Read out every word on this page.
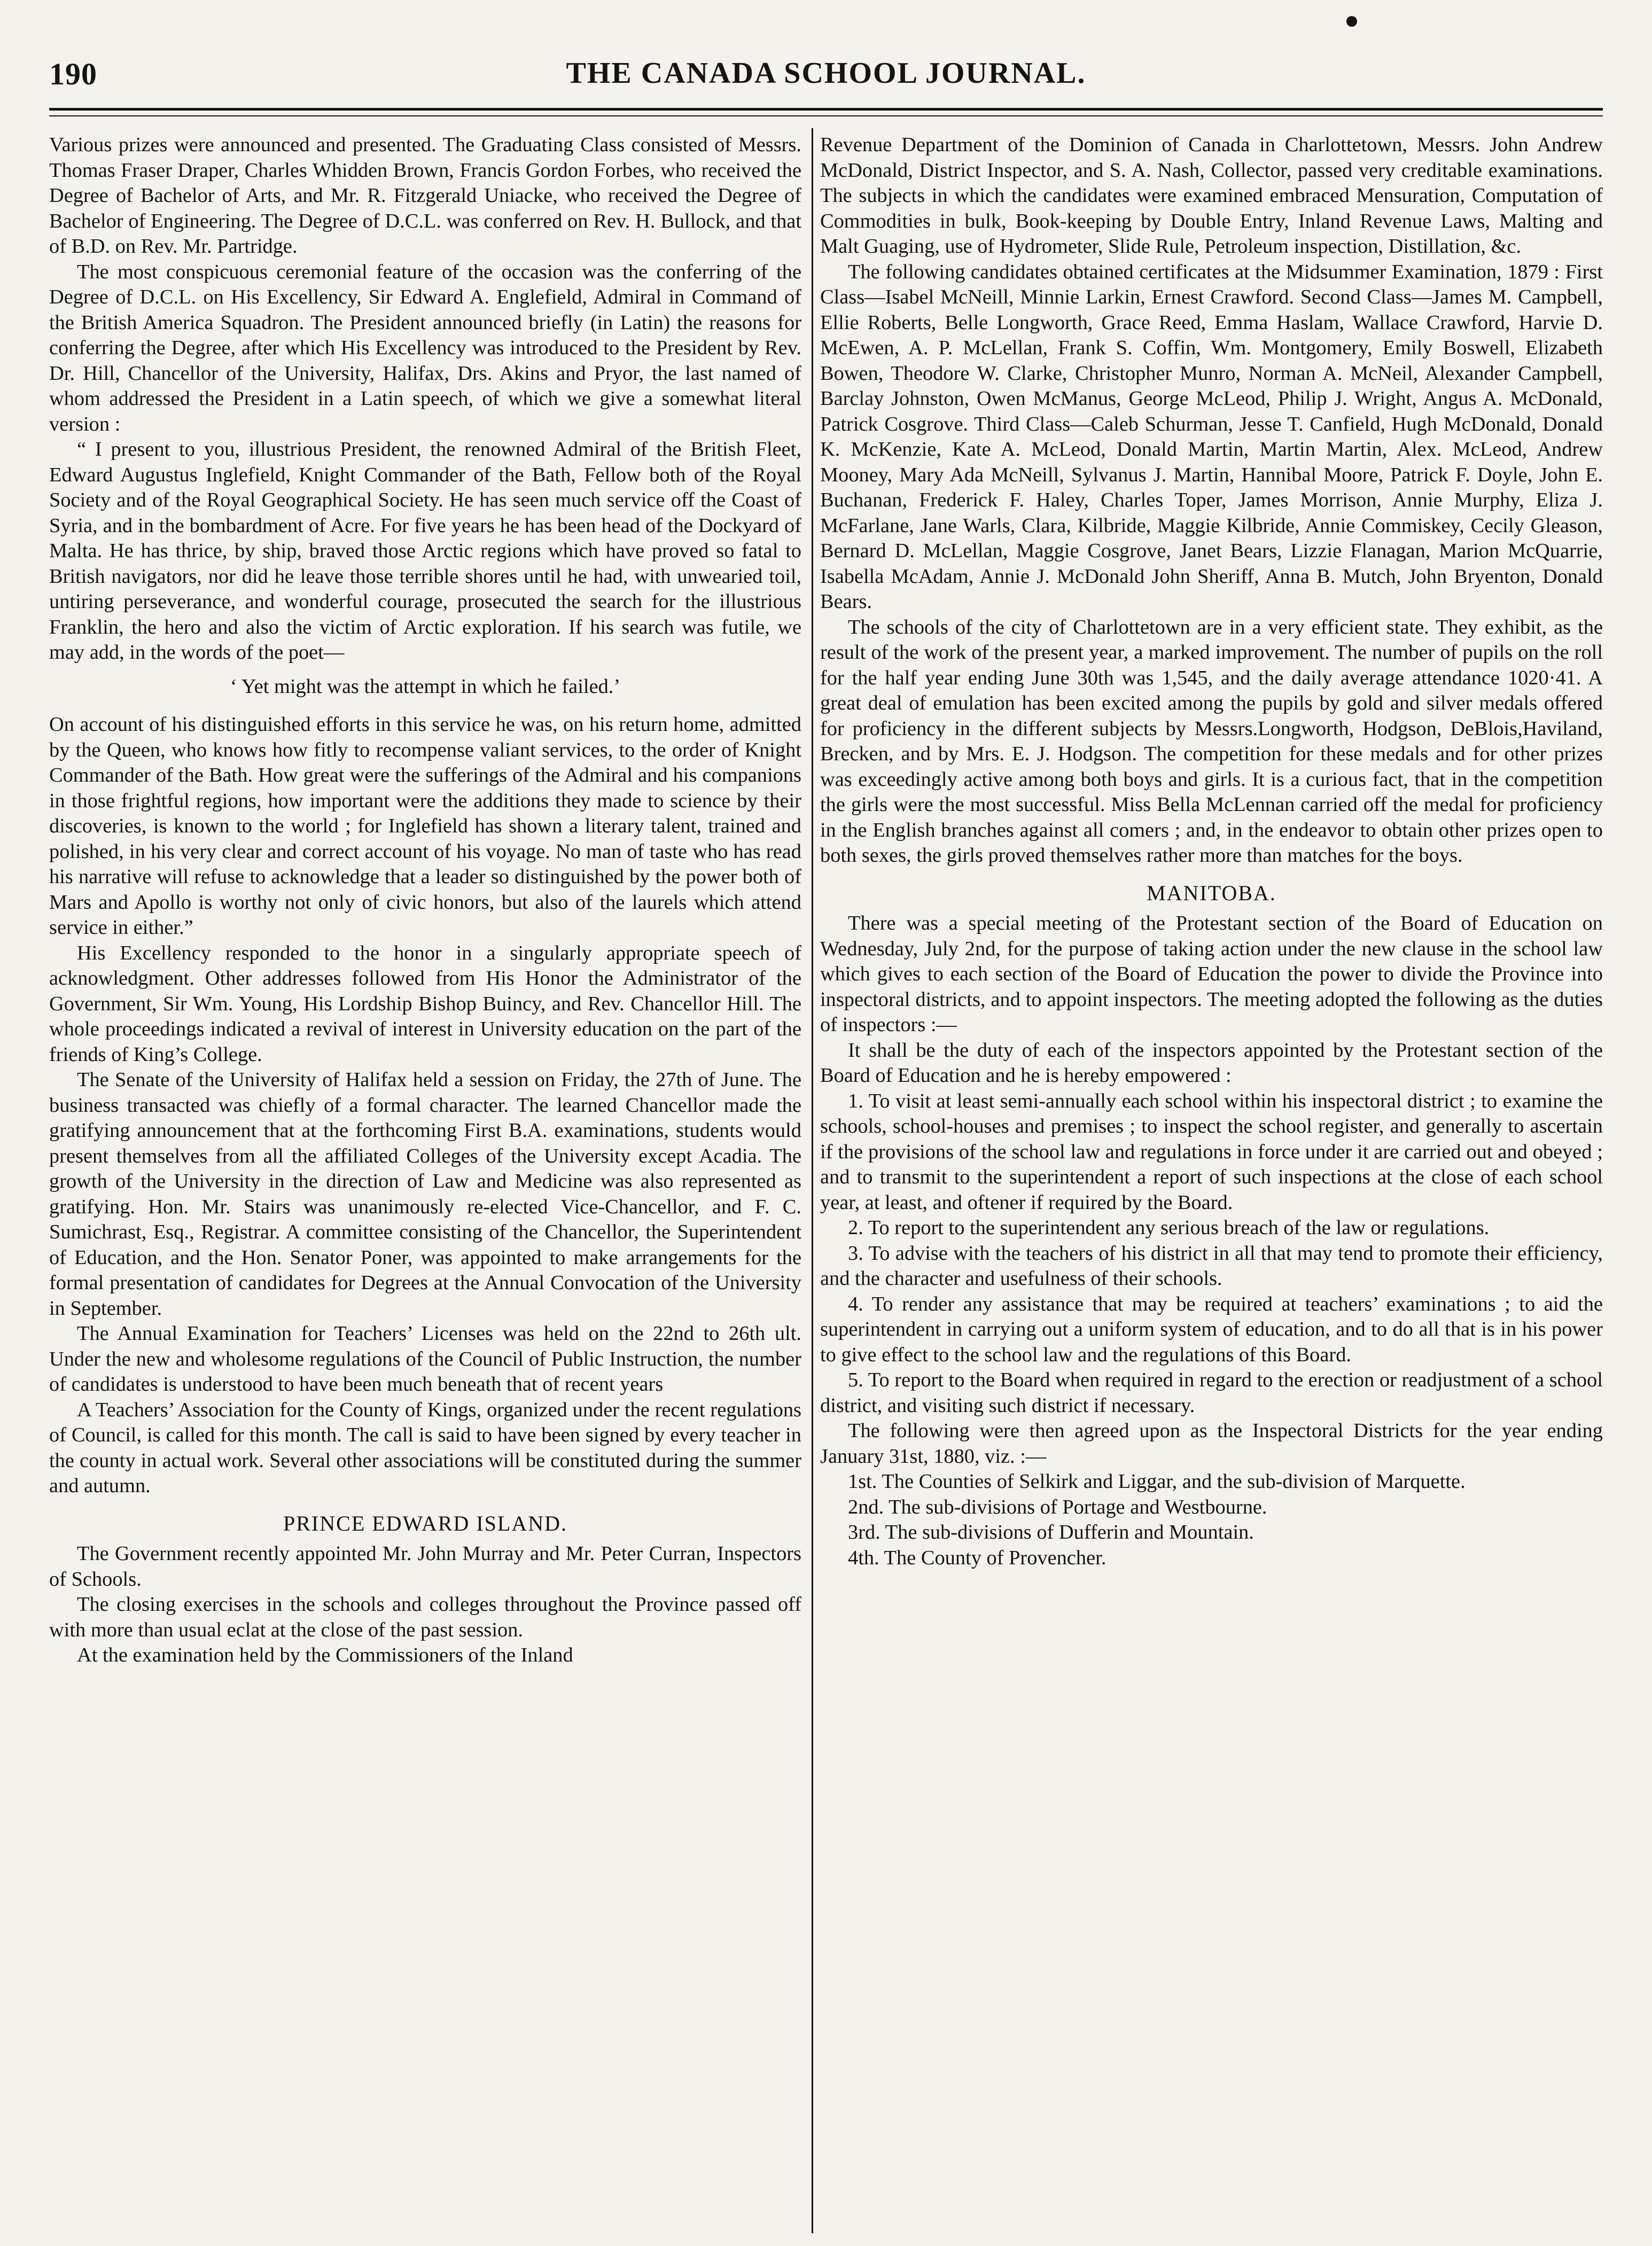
190	THE CANADA SCHOOL JOURNAL.

Various prizes were announced and presented. The Graduating Class consisted of Messrs. Thomas Fraser Draper, Charles Whidden Brown, Francis Gordon Forbes, who received the Degree of Bachelor of Arts, and Mr. R. Fitzgerald Uniacke, who received the Degree of Bachelor of Engineering. The Degree of D.C.L. was conferred on Rev. H. Bullock, and that of B.D. on Rev. Mr. Partridge.

The most conspicuous ceremonial feature of the occasion was the conferring of the Degree of D.C.L. on His Excellency, Sir Edward A. Englefield, Admiral in Command of the British America Squadron. The President announced briefly (in Latin) the reasons for conferring the Degree, after which His Excellency was introduced to the President by Rev. Dr. Hill, Chancellor of the University, Halifax, Drs. Akins and Pryor, the last named of whom addressed the President in a Latin speech, of which we give a somewhat literal version :

“ I present to you, illustrious President, the renowned Admiral of the British Fleet, Edward Augustus Inglefield, Knight Commander of the Bath, Fellow both of the Royal Society and of the Royal Geographical Society. He has seen much service off the Coast of Syria, and in the bombardment of Acre. For five years he has been head of the Dockyard of Malta. He has thrice, by ship, braved those Arctic regions which have proved so fatal to British navigators, nor did he leave those terrible shores until he had, with unwearied toil, untiring perseverance, and wonderful courage, prosecuted the search for the illustrious Franklin, the hero and also the victim of Arctic exploration. If his search was futile, we may add, in the words of the poet—

‘ Yet might was the attempt in which he failed.’

On account of his distinguished efforts in this service he was, on his return home, admitted by the Queen, who knows how fitly to recompense valiant services, to the order of Knight Commander of the Bath. How great were the sufferings of the Admiral and his companions in those frightful regions, how important were the additions they made to science by their discoveries, is known to the world ; for Inglefield has shown a literary talent, trained and polished, in his very clear and correct account of his voyage. No man of taste who has read his narrative will refuse to acknowledge that a leader so distinguished by the power both of Mars and Apollo is worthy not only of civic honors, but also of the laurels which attend service in either.”

His Excellency responded to the honor in a singularly appropriate speech of acknowledgment. Other addresses followed from His Honor the Administrator of the Government, Sir Wm. Young, His Lordship Bishop Buincy, and Rev. Chancellor Hill. The whole proceedings indicated a revival of interest in University education on the part of the friends of King’s College.

The Senate of the University of Halifax held a session on Friday, the 27th of June. The business transacted was chiefly of a formal character. The learned Chancellor made the gratifying announcement that at the forthcoming First B.A. examinations, students would present themselves from all the affiliated Colleges of the University except Acadia. The growth of the University in the direction of Law and Medicine was also represented as gratifying. Hon. Mr. Stairs was unanimously re-elected Vice-Chancellor, and F. C. Sumichrast, Esq., Registrar. A committee consisting of the Chancellor, the Superintendent of Education, and the Hon. Senator Poner, was appointed to make arrangements for the formal presentation of candidates for Degrees at the Annual Convocation of the University in September.

The Annual Examination for Teachers’ Licenses was held on the 22nd to 26th ult. Under the new and wholesome regulations of the Council of Public Instruction, the number of candidates is understood to have been much beneath that of recent years

A Teachers’ Association for the County of Kings, organized under the recent regulations of Council, is called for this month. The call is said to have been signed by every teacher in the county in actual work. Several other associations will be constituted during the summer and autumn.

PRINCE EDWARD ISLAND.

The Government recently appointed Mr. John Murray and Mr. Peter Curran, Inspectors of Schools.

The closing exercises in the schools and colleges throughout the Province passed off with more than usual eclat at the close of the past session.

At the examination held by the Commissioners of the Inland

Revenue Department of the Dominion of Canada in Charlottetown, Messrs. John Andrew McDonald, District Inspector, and S. A. Nash, Collector, passed very creditable examinations. The subjects in which the candidates were examined embraced Mensuration, Computation of Commodities in bulk, Book-keeping by Double Entry, Inland Revenue Laws, Malting and Malt Guaging, use of Hydrometer, Slide Rule, Petroleum inspection, Distillation, &c.

The following candidates obtained certificates at the Midsummer Examination, 1879 : First Class—Isabel McNeill, Minnie Larkin, Ernest Crawford. Second Class—James M. Campbell, Ellie Roberts, Belle Longworth, Grace Reed, Emma Haslam, Wallace Crawford, Harvie D. McEwen, A. P. McLellan, Frank S. Coffin, Wm. Montgomery, Emily Boswell, Elizabeth Bowen, Theodore W. Clarke, Christopher Munro, Norman A. McNeil, Alexander Campbell, Barclay Johnston, Owen McManus, George McLeod, Philip J. Wright, Angus A. McDonald, Patrick Cosgrove. Third Class—Caleb Schurman, Jesse T. Canfield, Hugh McDonald, Donald K. McKenzie, Kate A. McLeod, Donald Martin, Martin Martin, Alex. McLeod, Andrew Mooney, Mary Ada McNeill, Sylvanus J. Martin, Hannibal Moore, Patrick F. Doyle, John E. Buchanan, Frederick F. Haley, Charles Toper, James Morrison, Annie Murphy, Eliza J. McFarlane, Jane Warls, Clara, Kilbride, Maggie Kilbride, Annie Commiskey, Cecily Gleason, Bernard D. McLellan, Maggie Cosgrove, Janet Bears, Lizzie Flanagan, Marion McQuarrie, Isabella McAdam, Annie J. McDonald John Sheriff, Anna B. Mutch, John Bryenton, Donald Bears.

The schools of the city of Charlottetown are in a very efficient state. They exhibit, as the result of the work of the present year, a marked improvement. The number of pupils on the roll for the half year ending June 30th was 1,545, and the daily average attendance 1020·41. A great deal of emulation has been excited among the pupils by gold and silver medals offered for proficiency in the different subjects by Messrs.Longworth, Hodgson, DeBlois,Haviland, Brecken, and by Mrs. E. J. Hodgson. The competition for these medals and for other prizes was exceedingly active among both boys and girls. It is a curious fact, that in the competition the girls were the most successful. Miss Bella McLennan carried off the medal for proficiency in the English branches against all comers ; and, in the endeavor to obtain other prizes open to both sexes, the girls proved themselves rather more than matches for the boys.

MANITOBA.

There was a special meeting of the Protestant section of the Board of Education on Wednesday, July 2nd, for the purpose of taking action under the new clause in the school law which gives to each section of the Board of Education the power to divide the Province into inspectoral districts, and to appoint inspectors. The meeting adopted the following as the duties of inspectors :—

It shall be the duty of each of the inspectors appointed by the Protestant section of the Board of Education and he is hereby empowered :

1. To visit at least semi-annually each school within his inspectoral district ; to examine the schools, school-houses and premises ; to inspect the school register, and generally to ascertain if the provisions of the school law and regulations in force under it are carried out and obeyed ; and to transmit to the superintendent a report of such inspections at the close of each school year, at least, and oftener if required by the Board.

2. To report to the superintendent any serious breach of the law or regulations.

3. To advise with the teachers of his district in all that may tend to promote their efficiency, and the character and usefulness of their schools.

4. To render any assistance that may be required at teachers’ examinations ; to aid the superintendent in carrying out a uniform system of education, and to do all that is in his power to give effect to the school law and the regulations of this Board.

5. To report to the Board when required in regard to the erection or readjustment of a school district, and visiting such district if necessary.

The following were then agreed upon as the Inspectoral Districts for the year ending January 31st, 1880, viz. :—

1st. The Counties of Selkirk and Liggar, and the sub-division of Marquette.

2nd. The sub-divisions of Portage and Westbourne.

3rd. The sub-divisions of Dufferin and Mountain.

4th. The County of Provencher.
